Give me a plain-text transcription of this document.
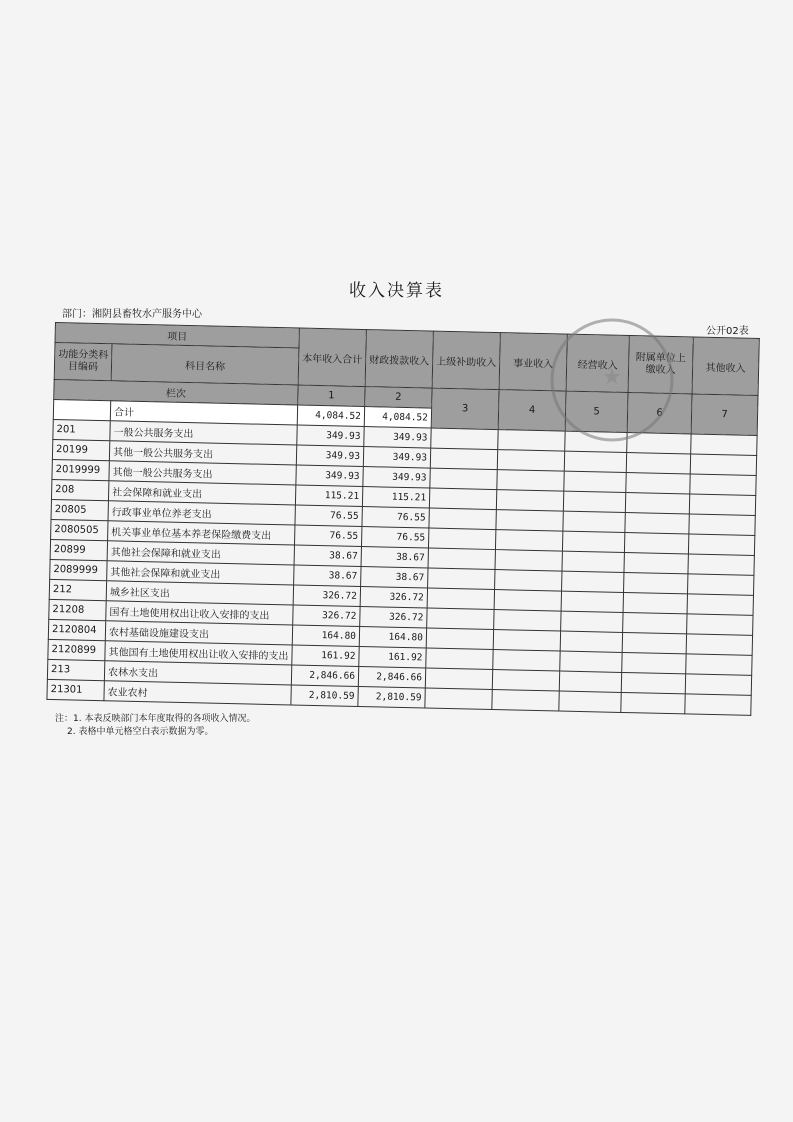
收入决算表
部门：湘阴县畜牧水产服务中心
公开02表
项目		本年收入合计	财政拨款收入	上级补助收入	事业收入	经营收入	附属单位上缴收入	其他收入
功能分类科目编码	科目名称							

栏次		1	2	3	4	5	6	7
	合计	4,084.52	4,084.52					
201	一般公共服务支出	349.93	349.93					
20199	其他一般公共服务支出	349.93	349.93					
2019999	其他一般公共服务支出	349.93	349.93					
208	社会保障和就业支出	115.21	115.21					
20805	行政事业单位养老支出	76.55	76.55					
2080505	机关事业单位基本养老保险缴费支出	76.55	76.55					
20899	其他社会保障和就业支出	38.67	38.67					
2089999	其他社会保障和就业支出	38.67	38.67					
212	城乡社区支出	326.72	326.72					
21208	国有土地使用权出让收入安排的支出	326.72	326.72					
2120804	农村基础设施建设支出	164.80	164.80					
2120899	其他国有土地使用权出让收入安排的支出	161.92	161.92					
213	农林水支出	2,846.66	2,846.66					
21301	农业农村	2,810.59	2,810.59					
注：1. 本表反映部门本年度取得的各项收入情况。
2. 表格中单元格空白表示数据为零。
★
